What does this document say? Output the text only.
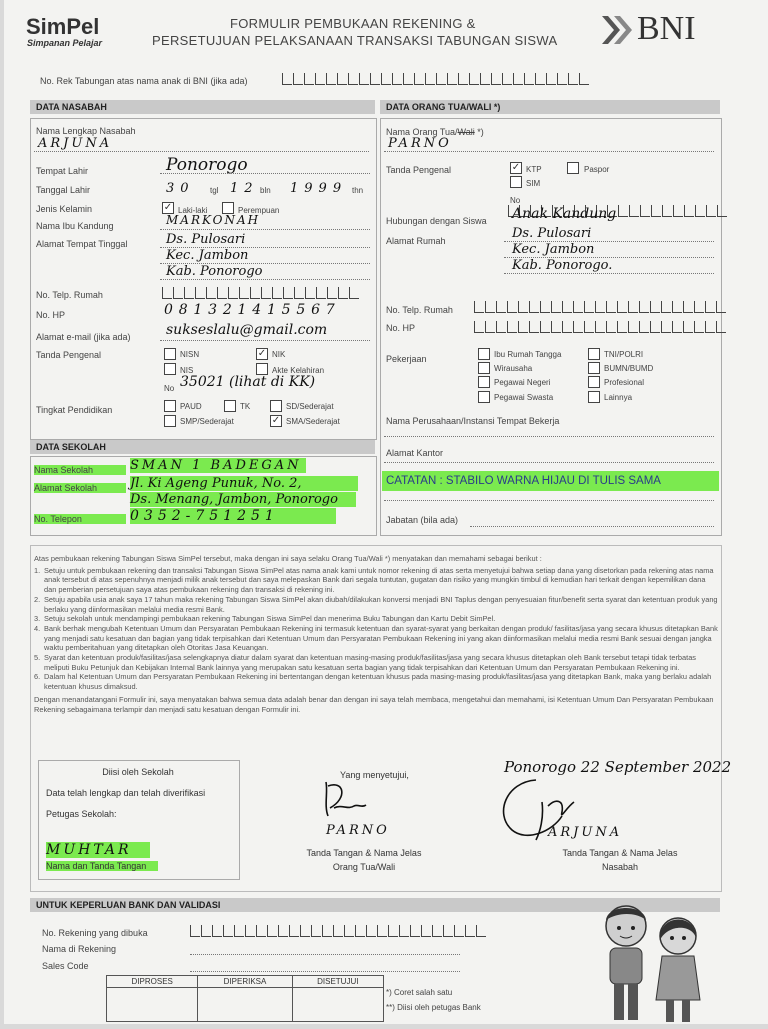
SimPel
Simpanan Pelajar
FORMULIR PEMBUKAAN REKENING &
PERSETUJUAN PELAKSANAAN TRANSAKSI TABUNGAN SISWA BNI
No. Rek Tabungan atas nama anak di BNI (jika ada)
DATA NASABAH
Nama Lengkap Nasabah
ARJUNA
Tempat Lahir	Ponorogo
Tanggal Lahir	30 tgl 12 bln 1999 thn
Jenis Kelamin	✓ Laki-laki	Perempuan
Nama Ibu Kandung	MARKONAH
Alamat Tempat Tinggal	Ds. Pulosari
Kec. Jambon
Kab. Ponorogo
No. Telp. Rumah
No. HP	081321415567
Alamat e-mail (jika ada)	sukseslalu@gmail.com
Tanda Pengenal	NISN	✓ NIK
NIS	Akte Kelahiran
No 35021 (lihat di KK)
Tingkat Pendidikan	PAUD	TK	SD/Sederajat
SMP/Sederajat	✓ SMA/Sederajat
DATA SEKOLAH
Nama Sekolah	SMAN 1 BADEGAN
Alamat Sekolah	Jl. Ki Ageng Punuk, No. 2,
Ds. Menang, Jambon, Ponorogo
No. Telepon	0352-751251
DATA ORANG TUA/WALI *)
Nama Orang Tua/Wali *)
PARNO
Tanda Pengenal	✓ KTP	Paspor
SIM
No
Hubungan dengan Siswa Anak Kandung
Alamat Rumah	Ds. Pulosari
Kec. Jambon
Kab. Ponorogo.
No. Telp. Rumah
No. HP
Pekerjaan	Ibu Rumah Tangga	TNI/POLRI
Wirausaha	BUMN/BUMD
Pegawai Negeri	Profesional
Pegawai Swasta	Lainnya
Nama Perusahaan/Instansi Tempat Bekerja
Alamat Kantor
CATATAN : STABILO WARNA HIJAU DI TULIS SAMA
Jabatan (bila ada)

Atas pembukaan rekening Tabungan Siswa SimPel tersebut, maka dengan ini saya selaku Orang Tua/Wali *) menyatakan dan memahami sebagai berikut :

1. Setuju untuk pembukaan rekening dan transaksi Tabungan Siswa SimPel atas nama anak kami untuk nomor rekening di atas serta menyetujui bahwa setiap dana yang disetorkan pada rekening atas nama anak tersebut di atas sepenuhnya menjadi milik anak tersebut dan saya melepaskan Bank dari segala tuntutan, gugatan dan risiko yang mungkin timbul di kemudian hari terkait dengan kepemilikan dana dan pemberian persetujuan saya atas pembukaan rekening dan transaksi di rekening ini.
2. Setuju apabila usia anak saya 17 tahun maka rekening Tabungan Siswa SimPel akan diubah/dilakukan konversi menjadi BNI Taplus dengan penyesuaian fitur/benefit serta syarat dan ketentuan produk yang berlaku yang diinformasikan melalui media resmi Bank.
3. Setuju sekolah untuk mendampingi pembukaan rekening Tabungan Siswa SimPel dan menerima Buku Tabungan dan Kartu Debit SimPel.
4. Bank berhak mengubah Ketentuan Umum dan Persyaratan Pembukaan Rekening ini termasuk ketentuan dan syarat-syarat yang berkaitan dengan produk/ fasilitas/jasa yang secara khusus ditetapkan Bank yang menjadi satu kesatuan dan bagian yang tidak terpisahkan dari Ketentuan Umum dan Persyaratan Pembukaan Rekening ini yang akan diinformasikan melalui media resmi Bank sesuai dengan jangka waktu pemberitahuan yang ditetapkan oleh Otoritas Jasa Keuangan.
5. Syarat dan ketentuan produk/fasilitas/jasa selengkapnya diatur dalam syarat dan ketentuan masing-masing produk/fasilitas/jasa yang secara khusus ditetapkan oleh Bank tersebut tetapi tidak terbatas meliputi Buku Petunjuk dan Kebijakan Internal Bank lainnya yang merupakan satu kesatuan serta bagian yang tidak terpisahkan dari Ketentuan Umum dan Persyaratan Pembukaan Rekening ini.
6. Dalam hal Ketentuan Umum dan Persyaratan Pembukaan Rekening ini bertentangan dengan ketentuan khusus pada masing-masing produk/fasilitas/jasa yang ditetapkan Bank, maka yang berlaku adalah ketentuan khusus dimaksud.

Dengan menandatangani Formulir ini, saya menyatakan bahwa semua data adalah benar dan dengan ini saya telah membaca, mengetahui dan memahami, isi Ketentuan Umum Dan Persyaratan Pembukaan Rekening sebagaimana terlampir dan menjadi satu kesatuan dengan Formulir ini.

Diisi oleh Sekolah
Data telah lengkap dan telah diverifikasi
Petugas Sekolah:
MUHTAR
Nama dan Tanda Tangan
Yang menyetujui,	Ponorogo 22 September 2022
PARNO
Tanda Tangan & Nama Jelas
Orang Tua/Wali
ARJUNA
Tanda Tangan & Nama Jelas
Nasabah
UNTUK KEPERLUAN BANK DAN VALIDASI
No. Rekening yang dibuka
Nama di Rekening
Sales Code
DIPROSES	DIPERIKSA	DISETUJUI

*) Coret salah satu
**) Diisi oleh petugas Bank
